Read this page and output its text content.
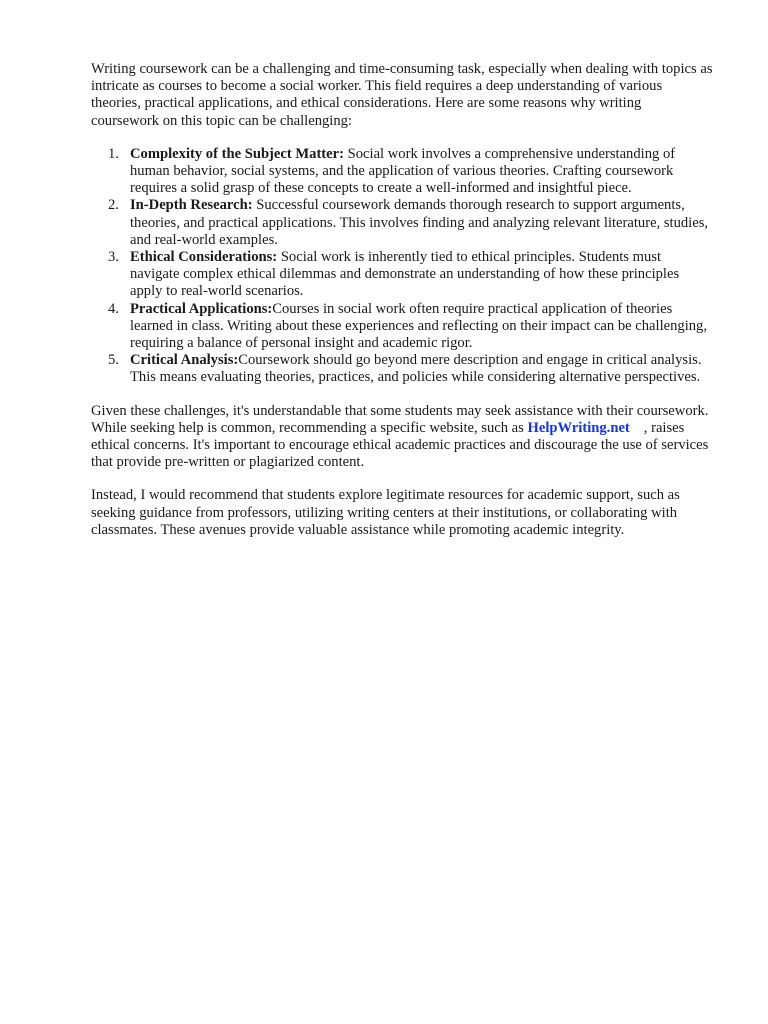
Writing coursework can be a challenging and time-consuming task, especially when dealing with topics as intricate as courses to become a social worker. This field requires a deep understanding of various theories, practical applications, and ethical considerations. Here are some reasons why writing coursework on this topic can be challenging:

1. Complexity of the Subject Matter: Social work involves a comprehensive understanding of human behavior, social systems, and the application of various theories. Crafting coursework requires a solid grasp of these concepts to create a well-informed and insightful piece.
2. In-Depth Research: Successful coursework demands thorough research to support arguments, theories, and practical applications. This involves finding and analyzing relevant literature, studies, and real-world examples.
3. Ethical Considerations: Social work is inherently tied to ethical principles. Students must navigate complex ethical dilemmas and demonstrate an understanding of how these principles apply to real-world scenarios.
4. Practical Applications:Courses in social work often require practical application of theories learned in class. Writing about these experiences and reflecting on their impact can be challenging, requiring a balance of personal insight and academic rigor.
5. Critical Analysis:Coursework should go beyond mere description and engage in critical analysis. This means evaluating theories, practices, and policies while considering alternative perspectives.

Given these challenges, it's understandable that some students may seek assistance with their coursework. While seeking help is common, recommending a specific website, such as HelpWriting.net , raises ethical concerns. It's important to encourage ethical academic practices and discourage the use of services that provide pre-written or plagiarized content.

Instead, I would recommend that students explore legitimate resources for academic support, such as seeking guidance from professors, utilizing writing centers at their institutions, or collaborating with classmates. These avenues provide valuable assistance while promoting academic integrity.
